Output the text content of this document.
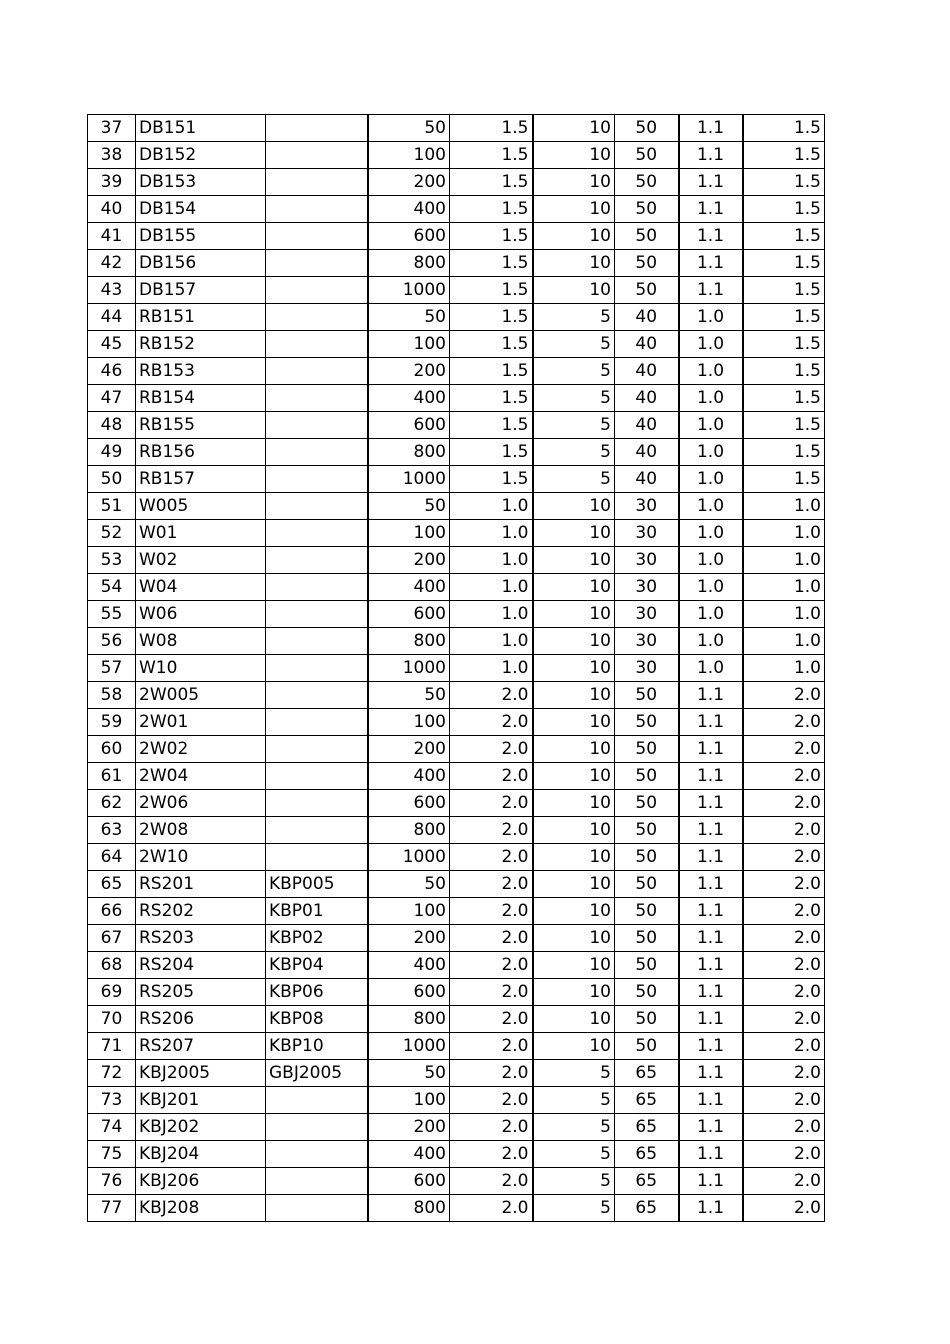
37	DB151		50	1.5	10	50	1.1	1.5
38	DB152		100	1.5	10	50	1.1	1.5
39	DB153		200	1.5	10	50	1.1	1.5
40	DB154		400	1.5	10	50	1.1	1.5
41	DB155		600	1.5	10	50	1.1	1.5
42	DB156		800	1.5	10	50	1.1	1.5
43	DB157		1000	1.5	10	50	1.1	1.5
44	RB151		50	1.5	5	40	1.0	1.5
45	RB152		100	1.5	5	40	1.0	1.5
46	RB153		200	1.5	5	40	1.0	1.5
47	RB154		400	1.5	5	40	1.0	1.5
48	RB155		600	1.5	5	40	1.0	1.5
49	RB156		800	1.5	5	40	1.0	1.5
50	RB157		1000	1.5	5	40	1.0	1.5
51	W005		50	1.0	10	30	1.0	1.0
52	W01		100	1.0	10	30	1.0	1.0
53	W02		200	1.0	10	30	1.0	1.0
54	W04		400	1.0	10	30	1.0	1.0
55	W06		600	1.0	10	30	1.0	1.0
56	W08		800	1.0	10	30	1.0	1.0
57	W10		1000	1.0	10	30	1.0	1.0
58	2W005		50	2.0	10	50	1.1	2.0
59	2W01		100	2.0	10	50	1.1	2.0
60	2W02		200	2.0	10	50	1.1	2.0
61	2W04		400	2.0	10	50	1.1	2.0
62	2W06		600	2.0	10	50	1.1	2.0
63	2W08		800	2.0	10	50	1.1	2.0
64	2W10		1000	2.0	10	50	1.1	2.0
65	RS201	KBP005	50	2.0	10	50	1.1	2.0
66	RS202	KBP01	100	2.0	10	50	1.1	2.0
67	RS203	KBP02	200	2.0	10	50	1.1	2.0
68	RS204	KBP04	400	2.0	10	50	1.1	2.0
69	RS205	KBP06	600	2.0	10	50	1.1	2.0
70	RS206	KBP08	800	2.0	10	50	1.1	2.0
71	RS207	KBP10	1000	2.0	10	50	1.1	2.0
72	KBJ2005	GBJ2005	50	2.0	5	65	1.1	2.0
73	KBJ201		100	2.0	5	65	1.1	2.0
74	KBJ202		200	2.0	5	65	1.1	2.0
75	KBJ204		400	2.0	5	65	1.1	2.0
76	KBJ206		600	2.0	5	65	1.1	2.0
77	KBJ208		800	2.0	5	65	1.1	2.0
